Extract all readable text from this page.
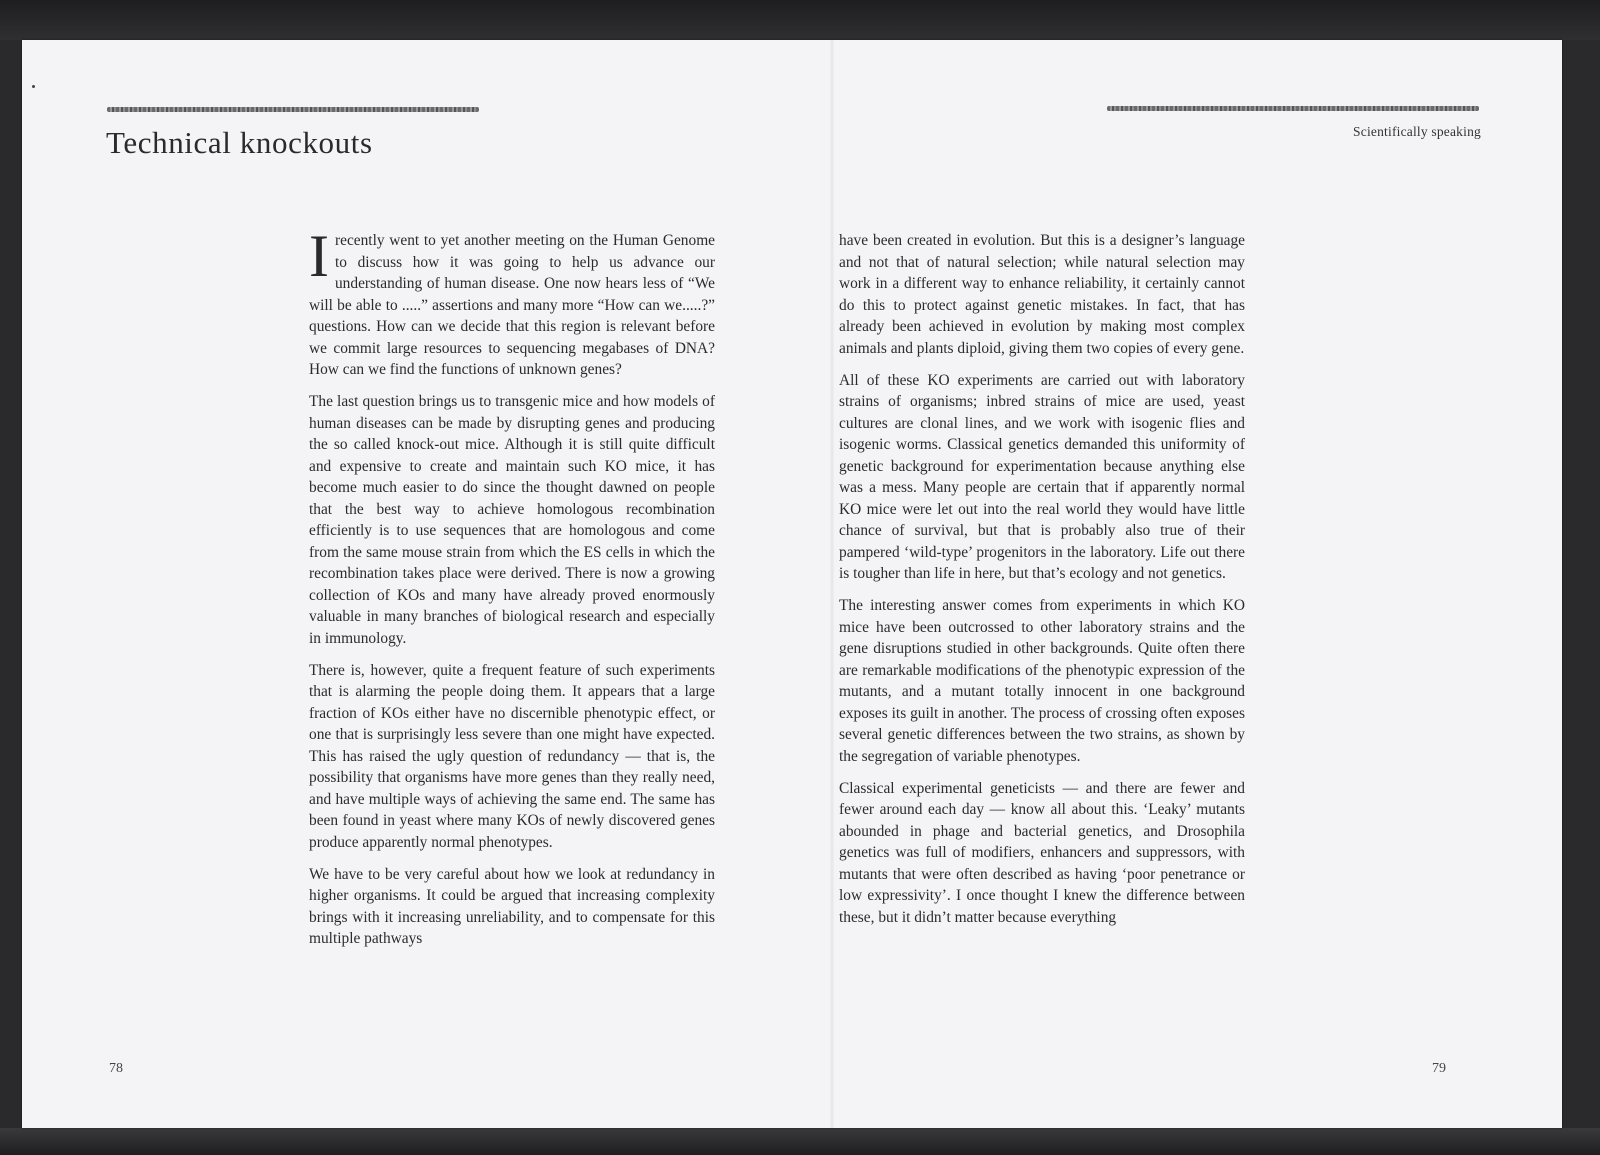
Technical knockouts	Scientifically speaking

Irecently went to yet another meeting on the Human Genome to discuss how it was going to help us advance our understanding of human disease. One now hears less of “We will be able to .....” assertions and many more “How can we.....?” questions. How can we decide that this region is relevant before we commit large resources to sequencing megabases of DNA? How can we find the functions of unknown genes?

The last question brings us to transgenic mice and how models of human diseases can be made by disrupting genes and producing the so called knock-out mice. Although it is still quite difficult and expensive to create and maintain such KO mice, it has become much easier to do since the thought dawned on people that the best way to achieve homologous recombination efficiently is to use sequences that are homologous and come from the same mouse strain from which the ES cells in which the recombination takes place were derived. There is now a growing collection of KOs and many have already proved enormously valuable in many branches of biological research and especially in immunology.

There is, however, quite a frequent feature of such experiments that is alarming the people doing them. It appears that a large fraction of KOs either have no discernible phenotypic effect, or one that is surprisingly less severe than one might have expected. This has raised the ugly question of redundancy — that is, the possibility that organisms have more genes than they really need, and have multiple ways of achieving the same end. The same has been found in yeast where many KOs of newly discovered genes produce apparently normal phenotypes.

We have to be very careful about how we look at redundancy in higher organisms. It could be argued that increasing complexity brings with it increasing unreliability, and to compensate for this multiple pathways

have been created in evolution. But this is a designer’s language and not that of natural selection; while natural selection may work in a different way to enhance reliability, it certainly cannot do this to protect against genetic mistakes. In fact, that has already been achieved in evolution by making most complex animals and plants diploid, giving them two copies of every gene.

All of these KO experiments are carried out with laboratory strains of organisms; inbred strains of mice are used, yeast cultures are clonal lines, and we work with isogenic flies and isogenic worms. Classical genetics demanded this uniformity of genetic background for experimentation because anything else was a mess. Many people are certain that if apparently normal KO mice were let out into the real world they would have little chance of survival, but that is probably also true of their pampered ‘wild-type’ progenitors in the laboratory. Life out there is tougher than life in here, but that’s ecology and not genetics.

The interesting answer comes from experiments in which KO mice have been outcrossed to other laboratory strains and the gene disruptions studied in other backgrounds. Quite often there are remarkable modifications of the phenotypic expression of the mutants, and a mutant totally innocent in one background exposes its guilt in another. The process of crossing often exposes several genetic differences between the two strains, as shown by the segregation of variable phenotypes.

Classical experimental geneticists — and there are fewer and fewer around each day — know all about this. ‘Leaky’ mutants abounded in phage and bacterial genetics, and Drosophila genetics was full of modifiers, enhancers and suppressors, with mutants that were often described as having ‘poor penetrance or low expressivity’. I once thought I knew the difference between these, but it didn’t matter because everything

78	79
